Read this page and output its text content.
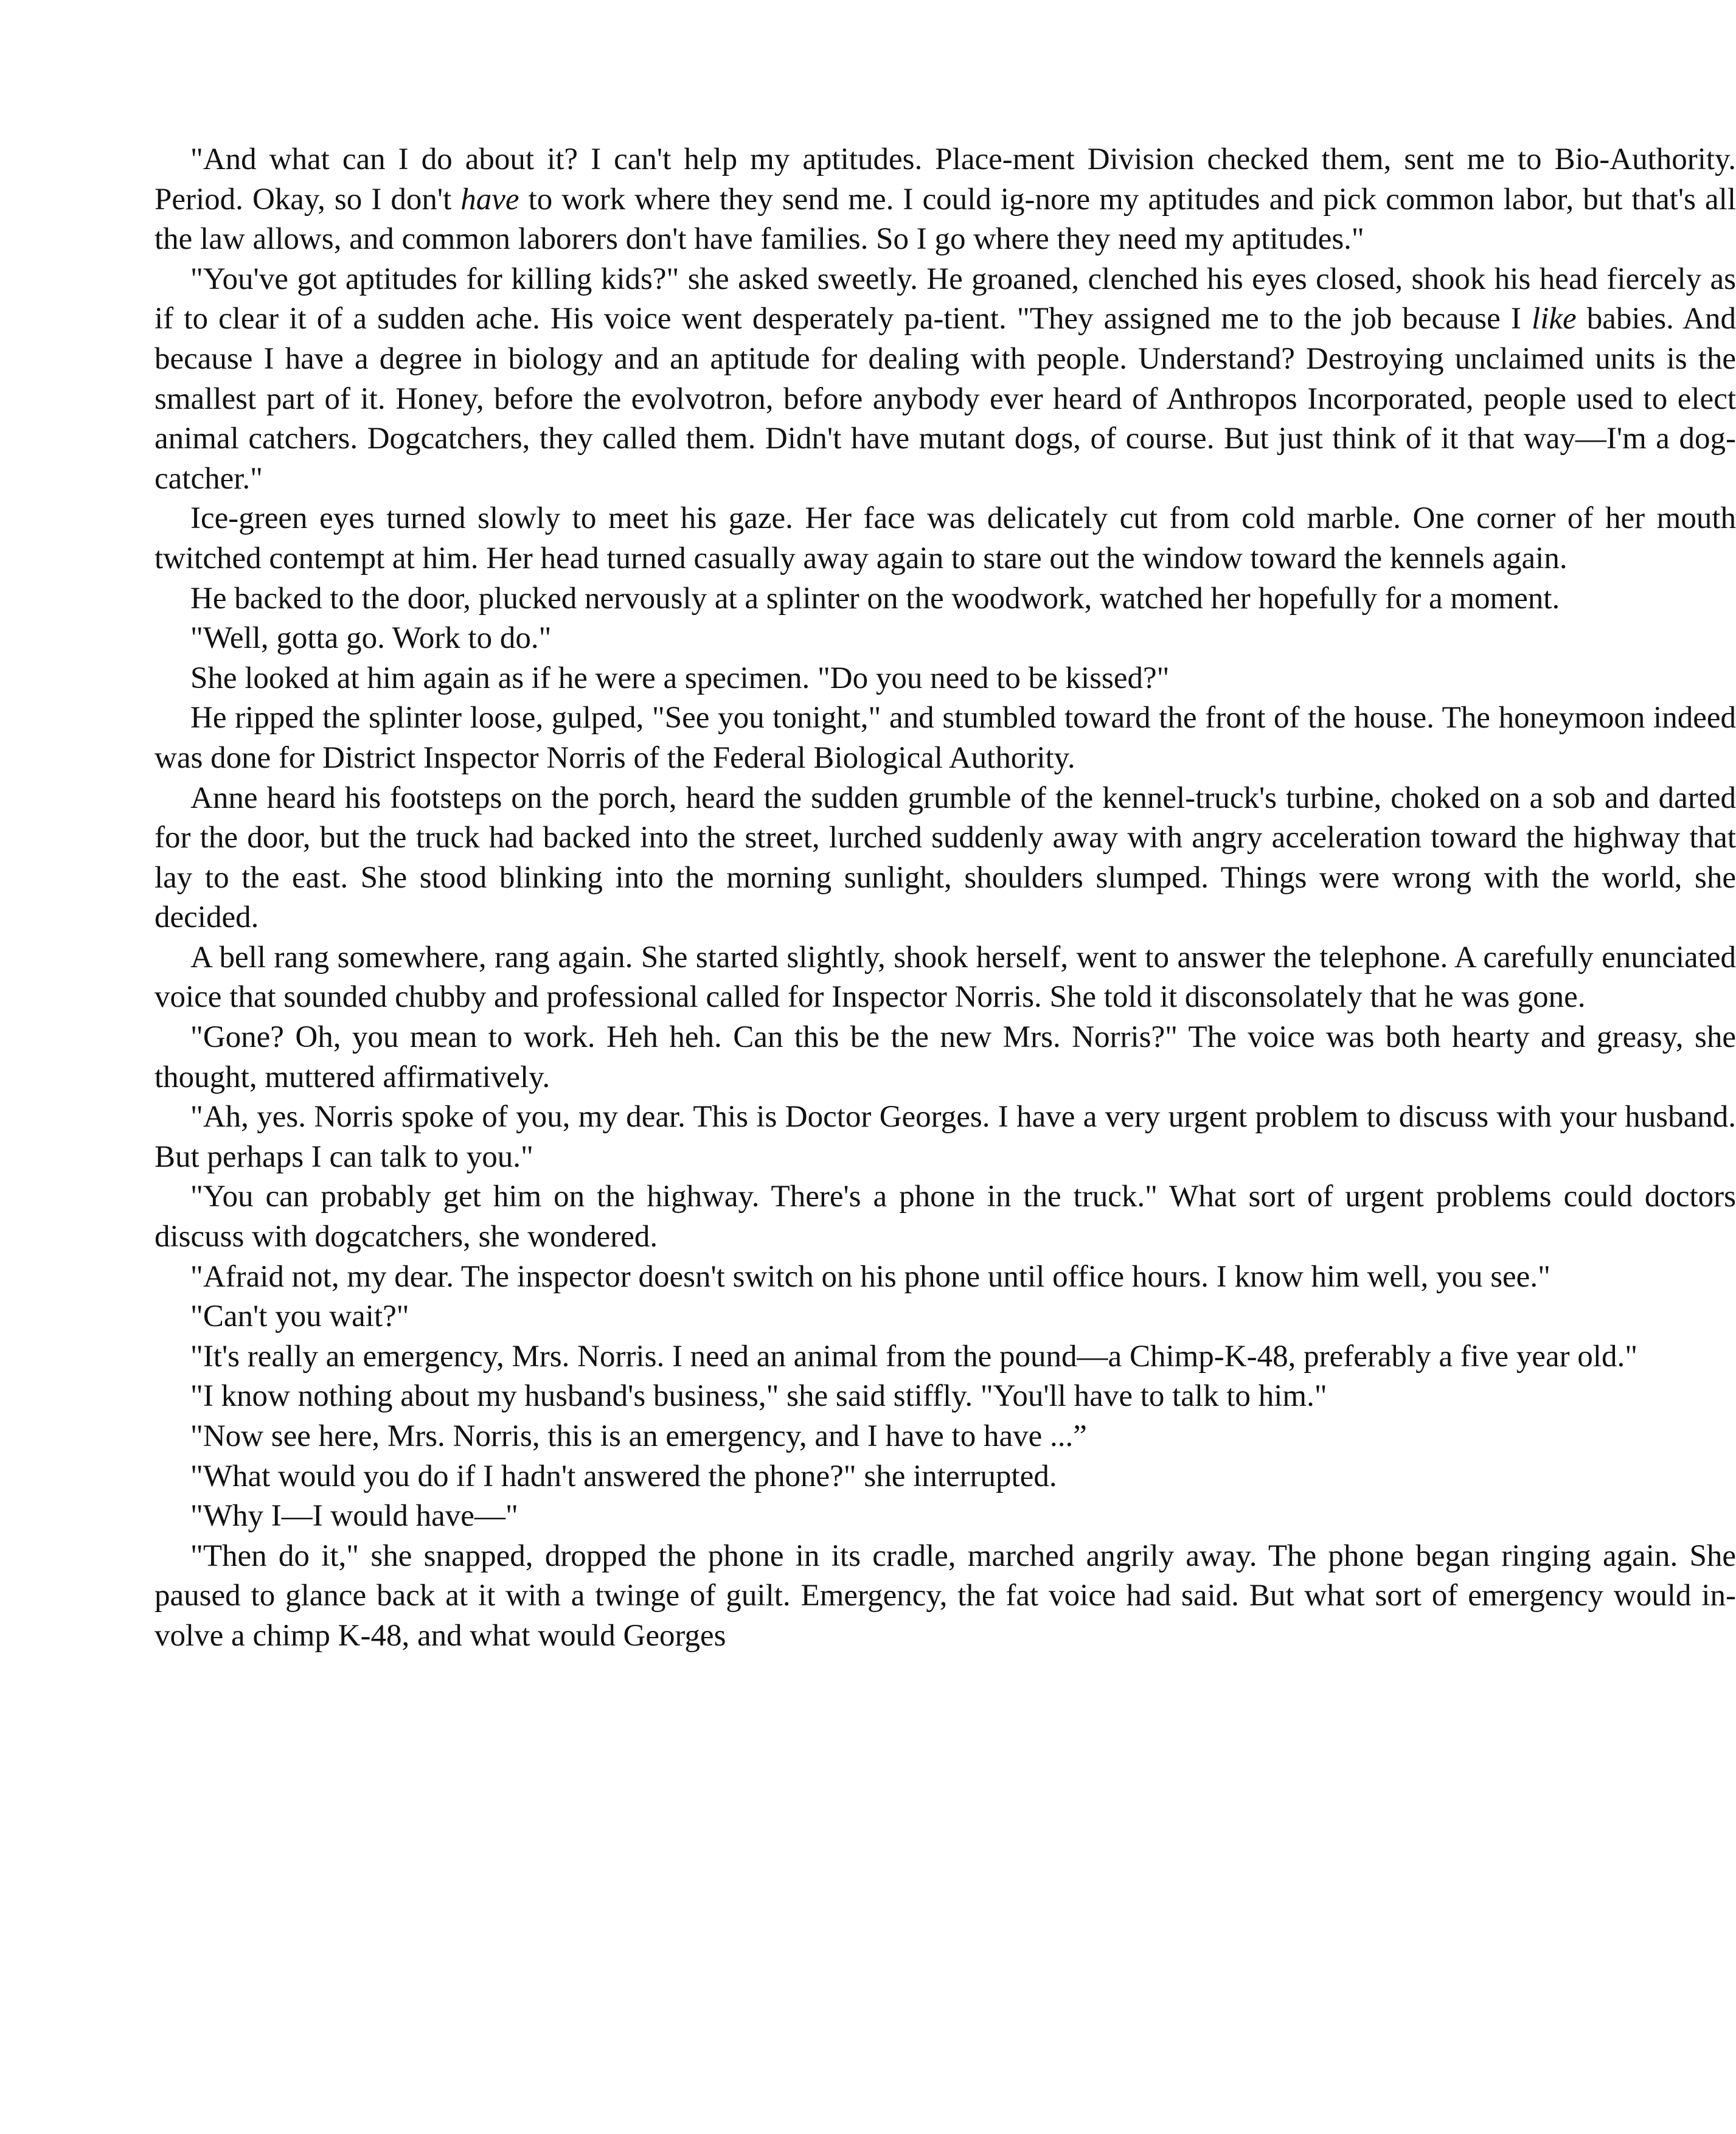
"And what can I do about it? I can't help my aptitudes. Place-ment Division checked them, sent me to Bio-Authority. Period. Okay, so I don't have to work where they send me. I could ig-nore my aptitudes and pick common labor, but that's all the law allows, and common laborers don't have families. So I go where they need my aptitudes."

"You've got aptitudes for killing kids?" she asked sweetly. He groaned, clenched his eyes closed, shook his head fiercely as if to clear it of a sudden ache. His voice went desperately pa-tient. "They assigned me to the job because I like babies. And because I have a degree in biology and an aptitude for dealing with people. Understand? Destroying unclaimed units is the smallest part of it. Honey, before the evolvotron, before anybody ever heard of Anthropos Incorporated, people used to elect animal catchers. Dogcatchers, they called them. Didn't have mutant dogs, of course. But just think of it that way—I'm a dog-catcher."

Ice-green eyes turned slowly to meet his gaze. Her face was delicately cut from cold marble. One corner of her mouth twitched contempt at him. Her head turned casually away again to stare out the window toward the kennels again.

He backed to the door, plucked nervously at a splinter on the woodwork, watched her hopefully for a moment.

"Well, gotta go. Work to do."

She looked at him again as if he were a specimen. "Do you need to be kissed?"

He ripped the splinter loose, gulped, "See you tonight," and stumbled toward the front of the house. The honeymoon indeed was done for District Inspector Norris of the Federal Biological Authority.

Anne heard his footsteps on the porch, heard the sudden grumble of the kennel-truck's turbine, choked on a sob and darted for the door, but the truck had backed into the street, lurched suddenly away with angry acceleration toward the highway that lay to the east. She stood blinking into the morning sunlight, shoulders slumped. Things were wrong with the world, she decided.

A bell rang somewhere, rang again. She started slightly, shook herself, went to answer the telephone. A carefully enunciated voice that sounded chubby and professional called for Inspector Norris. She told it disconsolately that he was gone.

"Gone? Oh, you mean to work. Heh heh. Can this be the new Mrs. Norris?" The voice was both hearty and greasy, she thought, muttered affirmatively.

"Ah, yes. Norris spoke of you, my dear. This is Doctor Georges. I have a very urgent problem to discuss with your husband. But perhaps I can talk to you."

"You can probably get him on the highway. There's a phone in the truck." What sort of urgent problems could doctors discuss with dogcatchers, she wondered.

"Afraid not, my dear. The inspector doesn't switch on his phone until office hours. I know him well, you see."

"Can't you wait?"

"It's really an emergency, Mrs. Norris. I need an animal from the pound—a Chimp-K-48, preferably a five year old."

"I know nothing about my husband's business," she said stiffly. "You'll have to talk to him."

"Now see here, Mrs. Norris, this is an emergency, and I have to have ...”

"What would you do if I hadn't answered the phone?" she interrupted.

"Why I—I would have—"

"Then do it," she snapped, dropped the phone in its cradle, marched angrily away. The phone began ringing again. She paused to glance back at it with a twinge of guilt. Emergency, the fat voice had said. But what sort of emergency would in-volve a chimp K-48, and what would Georges
